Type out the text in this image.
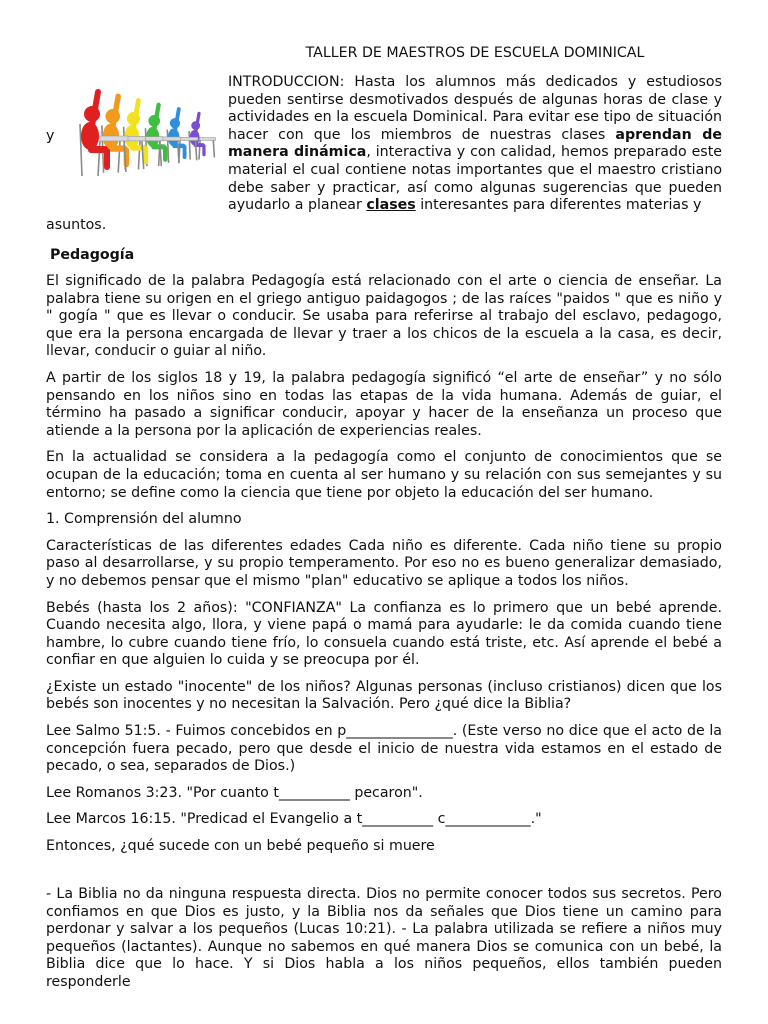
TALLER DE MAESTROS DE ESCUELA DOMINICAL
y
INTRODUCCION: Hasta los alumnos más dedicados y estudiosos pueden sentirse desmotivados después de algunas horas de clase y actividades en la escuela Dominical. Para evitar ese tipo de situación hacer con que los miembros de nuestras clases aprendan de manera dinámica, interactiva y con calidad, hemos preparado este material el cual contiene notas importantes que el maestro cristiano debe saber y practicar, así como algunas sugerencias que pueden ayudarlo a planear clases interesantes para diferentes materias y
asuntos.
Pedagogía

El significado de la palabra Pedagogía está relacionado con el arte o ciencia de enseñar. La palabra tiene su origen en el griego antiguo paidagogos ; de las raíces "paidos " que es niño y " gogía " que es llevar o conducir. Se usaba para referirse al trabajo del esclavo, pedagogo, que era la persona encargada de llevar y traer a los chicos de la escuela a la casa, es decir, llevar, conducir o guiar al niño.

A partir de los siglos 18 y 19, la palabra pedagogía significó “el arte de enseñar” y no sólo pensando en los niños sino en todas las etapas de la vida humana. Además de guiar, el término ha pasado a significar conducir, apoyar y hacer de la enseñanza un proceso que atiende a la persona por la aplicación de experiencias reales.

En la actualidad se considera a la pedagogía como el conjunto de conocimientos que se ocupan de la educación; toma en cuenta al ser humano y su relación con sus semejantes y su entorno; se define como la ciencia que tiene por objeto la educación del ser humano.

1. Comprensión del alumno

Características de las diferentes edades Cada niño es diferente. Cada niño tiene su propio paso al desarrollarse, y su propio temperamento. Por eso no es bueno generalizar demasiado, y no debemos pensar que el mismo "plan" educativo se aplique a todos los niños.

Bebés (hasta los 2 años): "CONFIANZA" La confianza es lo primero que un bebé aprende. Cuando necesita algo, llora, y viene papá o mamá para ayudarle: le da comida cuando tiene hambre, lo cubre cuando tiene frío, lo consuela cuando está triste, etc. Así aprende el bebé a confiar en que alguien lo cuida y se preocupa por él.

¿Existe un estado "inocente" de los niños? Algunas personas (incluso cristianos) dicen que los bebés son inocentes y no necesitan la Salvación. Pero ¿qué dice la Biblia?

Lee Salmo 51:5. - Fuimos concebidos en p_______________. (Este verso no dice que el acto de la concepción fuera pecado, pero que desde el inicio de nuestra vida estamos en el estado de pecado, o sea, separados de Dios.)

Lee Romanos 3:23. "Por cuanto t__________ pecaron".

Lee Marcos 16:15. "Predicad el Evangelio a t__________ c____________."

Entonces, ¿qué sucede con un bebé pequeño si muere

- La Biblia no da ninguna respuesta directa. Dios no permite conocer todos sus secretos. Pero confiamos en que Dios es justo, y la Biblia nos da señales que Dios tiene un camino para perdonar y salvar a los pequeños (Lucas 10:21). - La palabra utilizada se refiere a niños muy pequeños (lactantes). Aunque no sabemos en qué manera Dios se comunica con un bebé, la Biblia dice que lo hace. Y si Dios habla a los niños pequeños, ellos también pueden responderle
